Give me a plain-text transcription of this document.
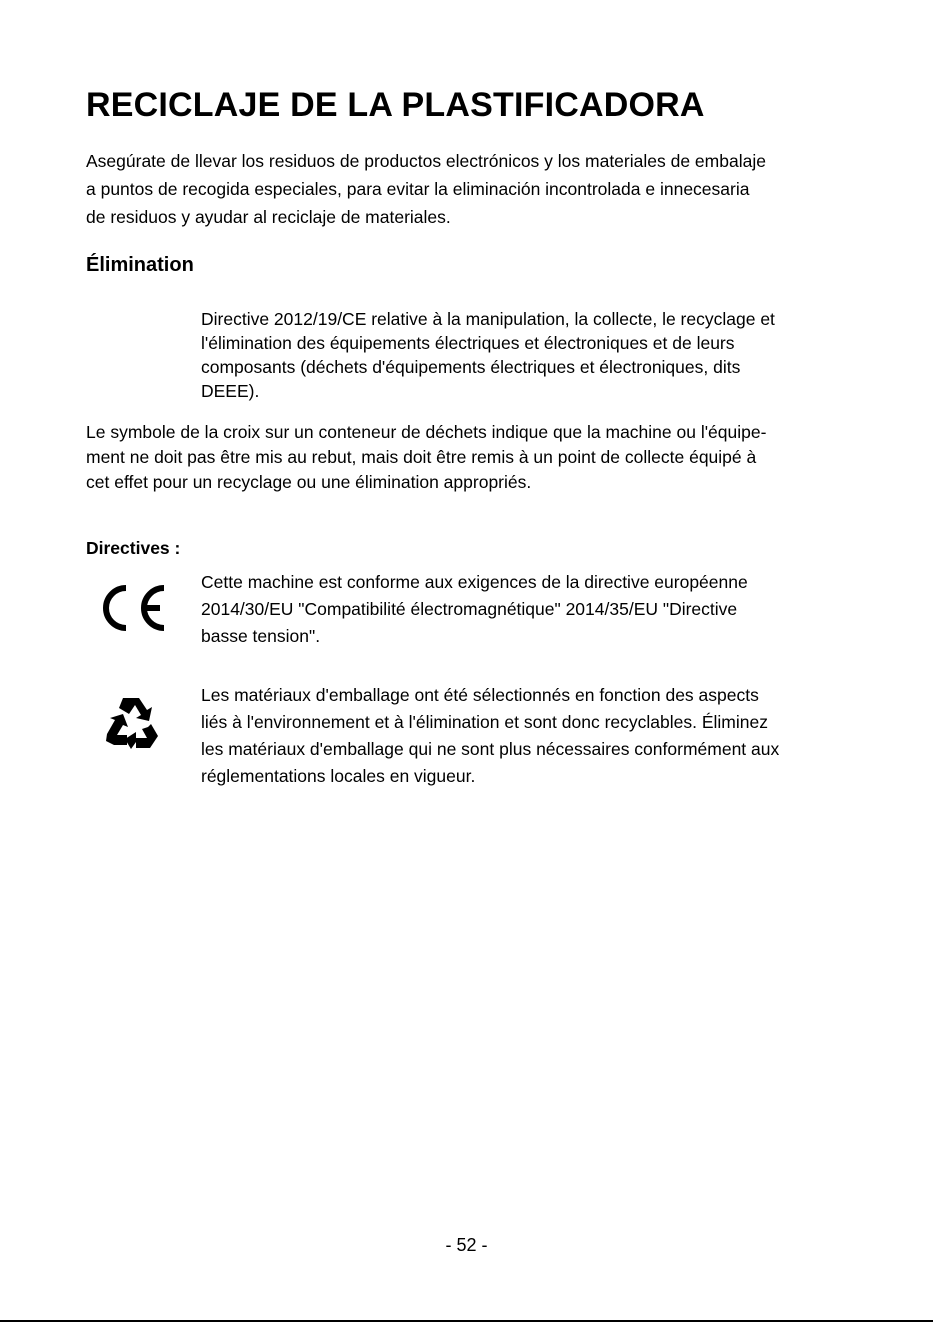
RECICLAJE DE LA PLASTIFICADORA

Asegúrate de llevar los residuos de productos electrónicos y los materiales de embalaje
a puntos de recogida especiales, para evitar la eliminación incontrolada e innecesaria
de residuos y ayudar al reciclaje de materiales.

Élimination

Directive 2012/19/CE relative à la manipulation, la collecte, le recyclage et
l'élimination des équipements électriques et électroniques et de leurs
composants (déchets d'équipements électriques et électroniques, dits
DEEE).

Le symbole de la croix sur un conteneur de déchets indique que la machine ou l'équipe-
ment ne doit pas être mis au rebut, mais doit être remis à un point de collecte équipé à
cet effet pour un recyclage ou une élimination appropriés.

Directives :

Cette machine est conforme aux exigences de la directive européenne
2014/30/EU "Compatibilité électromagnétique" 2014/35/EU "Directive
basse tension".

Les matériaux d'emballage ont été sélectionnés en fonction des aspects
liés à l'environnement et à l'élimination et sont donc recyclables. Éliminez
les matériaux d'emballage qui ne sont plus nécessaires conformément aux
réglementations locales en vigueur.

- 52 -
